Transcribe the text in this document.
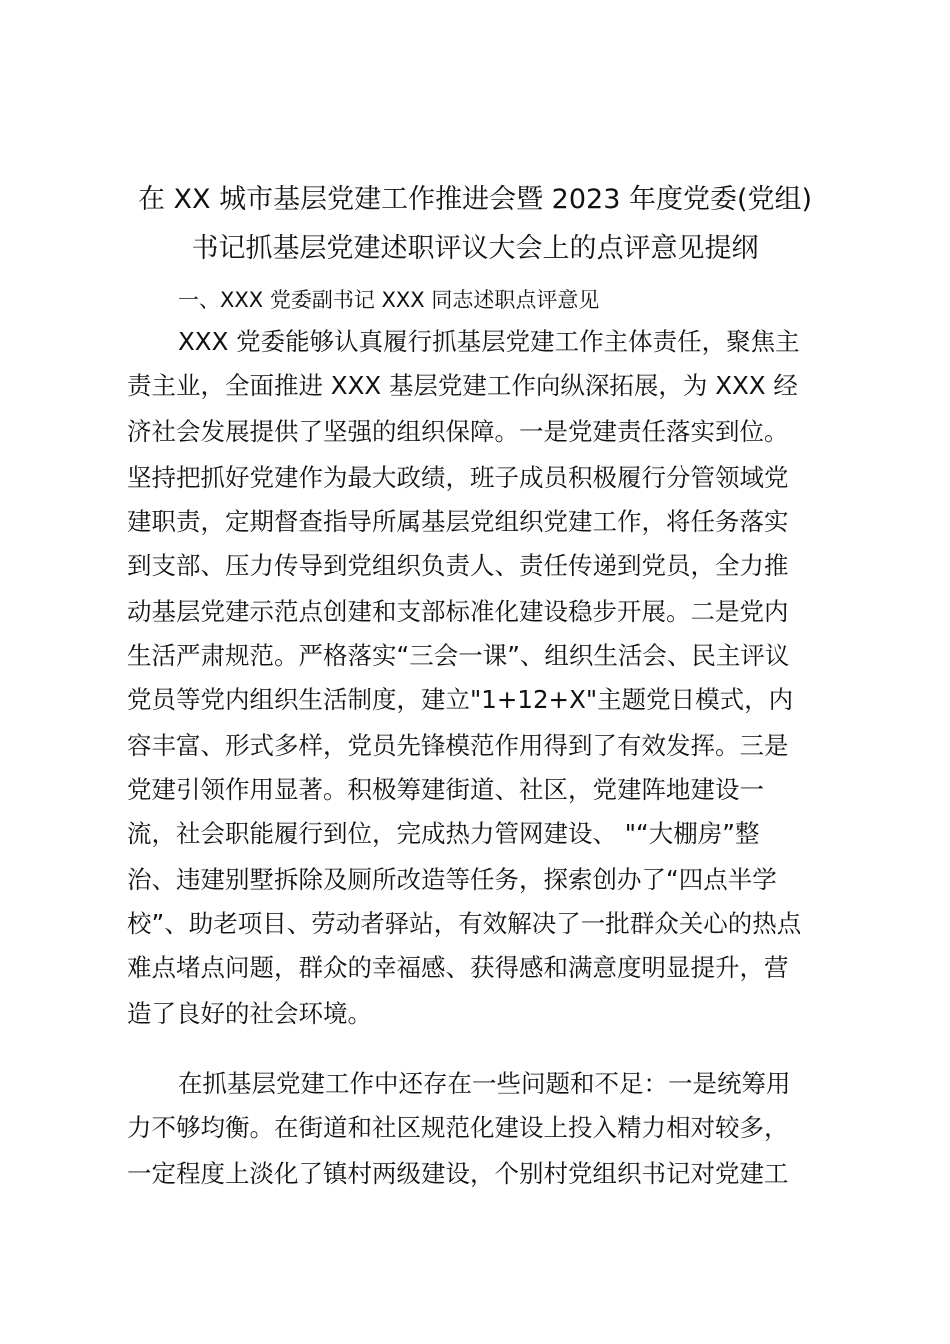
在 XX 城市基层党建工作推进会暨 2023 年度党委(党组)
书记抓基层党建述职评议大会上的点评意见提纲
一、XXX 党委副书记 XXX 同志述职点评意见
XXX 党委能够认真履行抓基层党建工作主体责任，聚焦主
责主业，全面推进 XXX 基层党建工作向纵深拓展，为 XXX 经
济社会发展提供了坚强的组织保障。一是党建责任落实到位。
坚持把抓好党建作为最大政绩，班子成员积极履行分管领域党
建职责，定期督查指导所属基层党组织党建工作，将任务落实
到支部、压力传导到党组织负责人、责任传递到党员，全力推
动基层党建示范点创建和支部标准化建设稳步开展。二是党内
生活严肃规范。严格落实“三会一课”、组织生活会、民主评议
党员等党内组织生活制度，建立"1+12+X"主题党日模式，内
容丰富、形式多样，党员先锋模范作用得到了有效发挥。三是
党建引领作用显著。积极筹建街道、社区，党建阵地建设一
流，社会职能履行到位，完成热力管网建设、 "“大棚房”整
治、违建别墅拆除及厕所改造等任务，探索创办了“四点半学
校”、助老项目、劳动者驿站，有效解决了一批群众关心的热点
难点堵点问题，群众的幸福感、获得感和满意度明显提升，营
造了良好的社会环境。
在抓基层党建工作中还存在一些问题和不足：一是统筹用
力不够均衡。在街道和社区规范化建设上投入精力相对较多，
一定程度上淡化了镇村两级建设，个别村党组织书记对党建工
